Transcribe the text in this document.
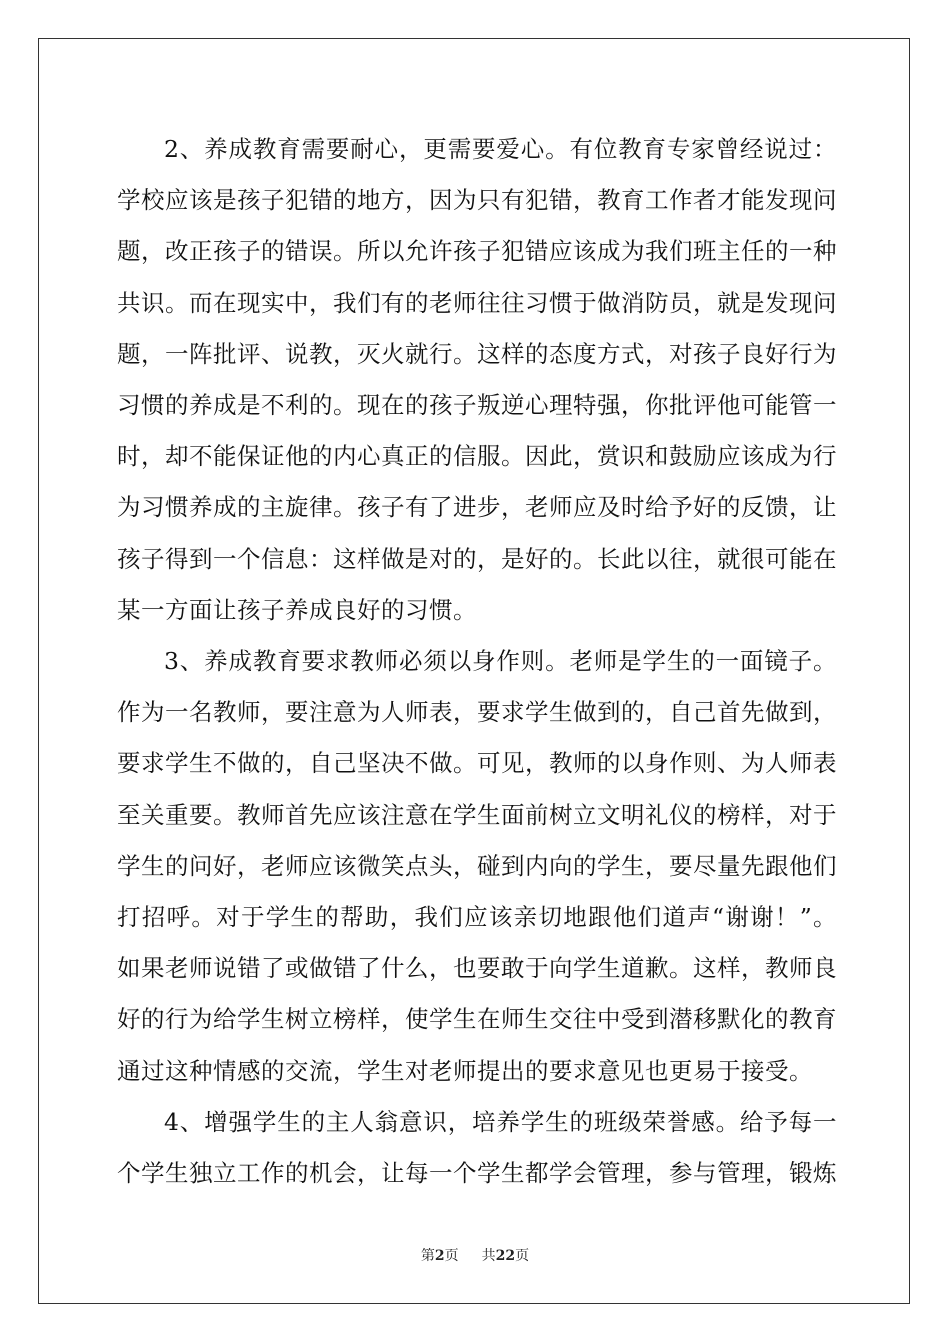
2、养成教育需要耐心，更需要爱心。有位教育专家曾经说过：学校应该是孩子犯错的地方，因为只有犯错，教育工作者才能发现问题，改正孩子的错误。所以允许孩子犯错应该成为我们班主任的一种共识。而在现实中，我们有的老师往往习惯于做消防员，就是发现问题，一阵批评、说教，灭火就行。这样的态度方式，对孩子良好行为习惯的养成是不利的。现在的孩子叛逆心理特强，你批评他可能管一时，却不能保证他的内心真正的信服。因此，赏识和鼓励应该成为行为习惯养成的主旋律。孩子有了进步，老师应及时给予好的反馈，让孩子得到一个信息：这样做是对的，是好的。长此以往，就很可能在某一方面让孩子养成良好的习惯。

3、养成教育要求教师必须以身作则。老师是学生的一面镜子。作为一名教师，要注意为人师表，要求学生做到的，自己首先做到，要求学生不做的，自己坚决不做。可见，教师的以身作则、为人师表至关重要。教师首先应该注意在学生面前树立文明礼仪的榜样，对于学生的问好，老师应该微笑点头，碰到内向的学生，要尽量先跟他们打招呼。对于学生的帮助，我们应该亲切地跟他们道声“谢谢！”。如果老师说错了或做错了什么，也要敢于向学生道歉。这样，教师良好的行为给学生树立榜样，使学生在师生交往中受到潜移默化的教育通过这种情感的交流，学生对老师提出的要求意见也更易于接受。

4、增强学生的主人翁意识，培养学生的班级荣誉感。给予每一个学生独立工作的机会，让每一个学生都学会管理，参与管理，锻炼

第2页 共22页
